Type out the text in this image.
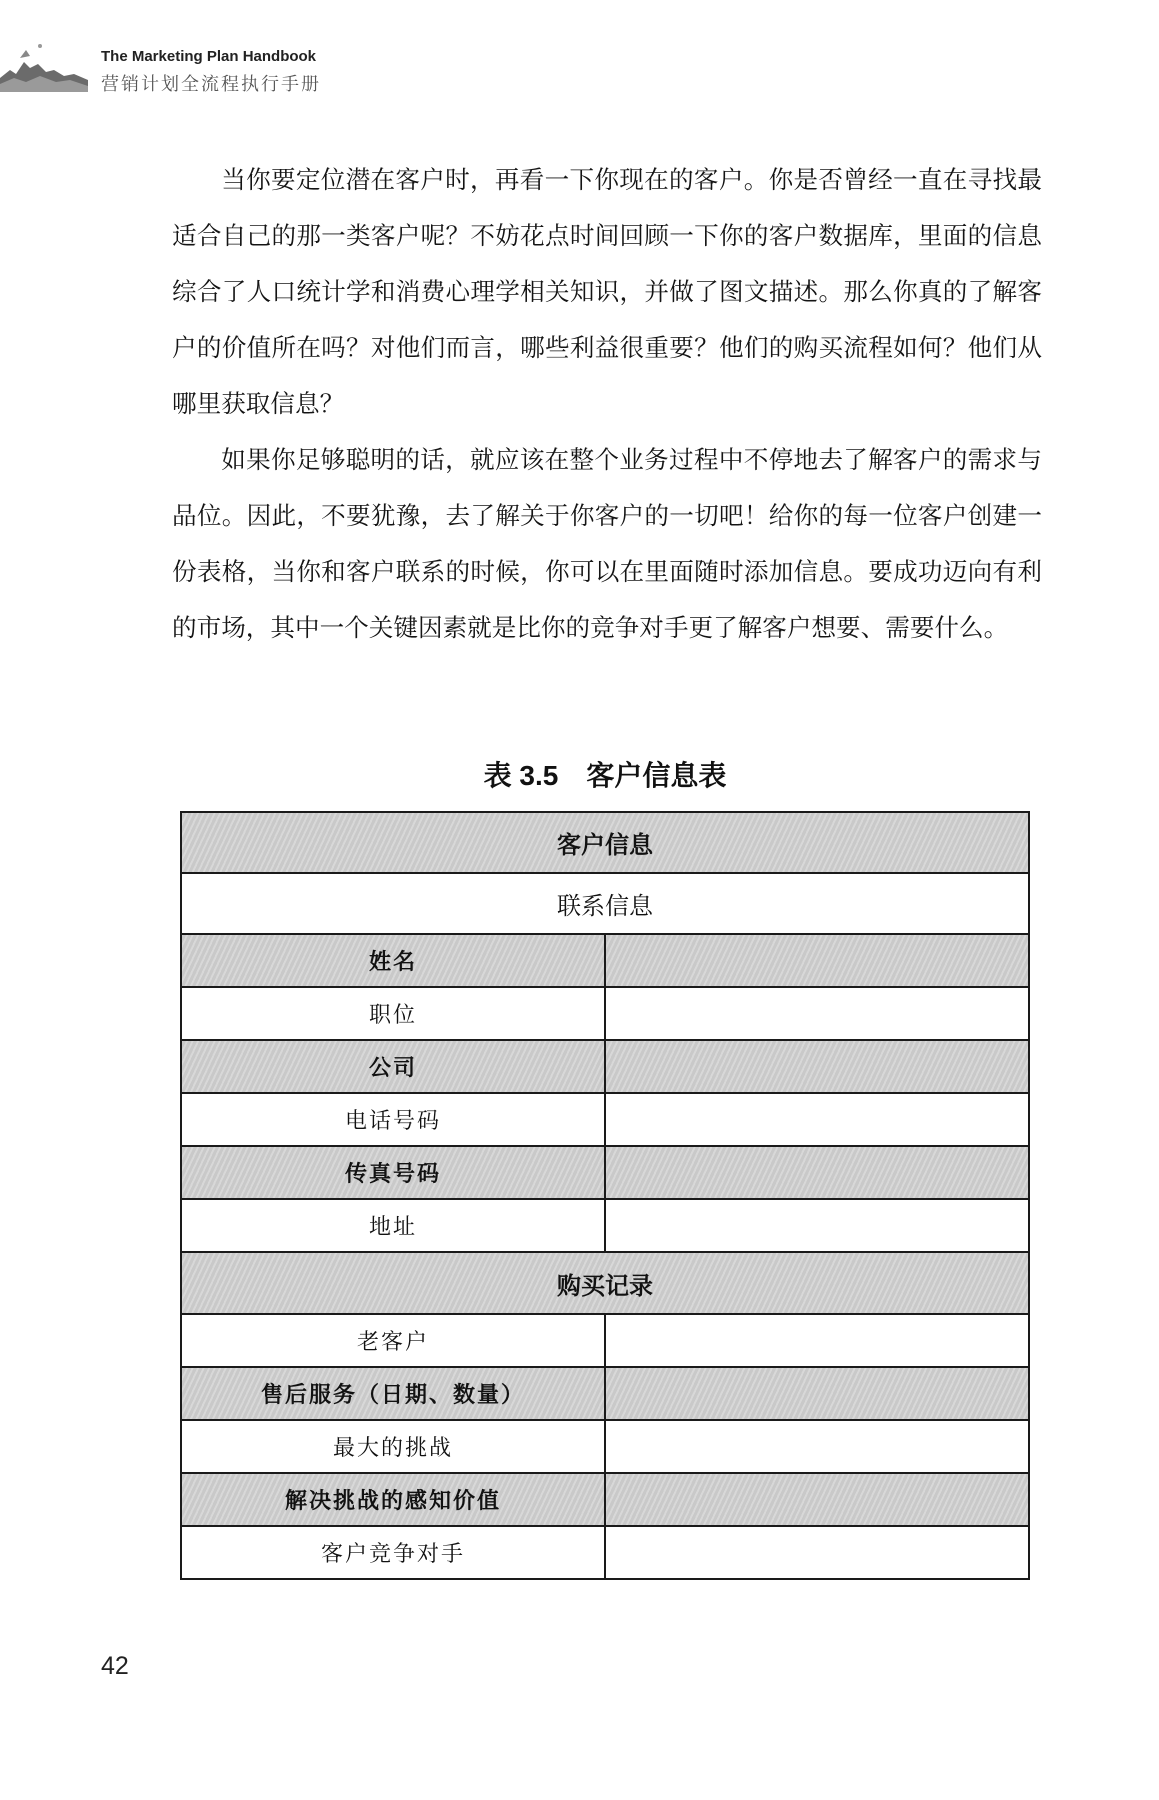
The Marketing Plan Handbook
营销计划全流程执行手册

当你要定位潜在客户时，再看一下你现在的客户。你是否曾经一直在寻找最适合自己的那一类客户呢？不妨花点时间回顾一下你的客户数据库，里面的信息综合了人口统计学和消费心理学相关知识，并做了图文描述。那么你真的了解客户的价值所在吗？对他们而言，哪些利益很重要？他们的购买流程如何？他们从哪里获取信息？

如果你足够聪明的话，就应该在整个业务过程中不停地去了解客户的需求与品位。因此，不要犹豫，去了解关于你客户的一切吧！给你的每一位客户创建一份表格，当你和客户联系的时候，你可以在里面随时添加信息。要成功迈向有利的市场，其中一个关键因素就是比你的竞争对手更了解客户想要、需要什么。

表 3.5 客户信息表
客户信息	
联系信息	
姓名	
职位	
公司	
电话号码	
传真号码	
地址	
购买记录	
老客户	
售后服务（日期、数量）	
最大的挑战	
解决挑战的感知价值	
客户竞争对手	
42
